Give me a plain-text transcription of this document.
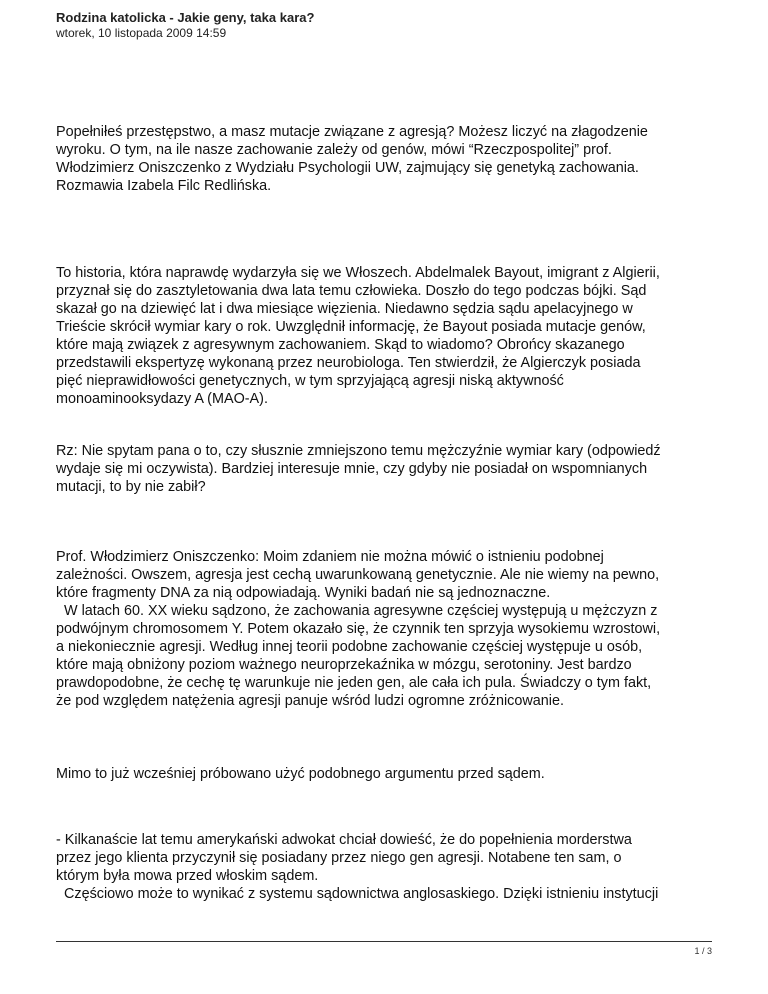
Rodzina katolicka - Jakie geny, taka kara?
wtorek, 10 listopada 2009 14:59

Popełniłeś przestępstwo, a masz mutacje związane z agresją? Możesz liczyć na złagodzenie
wyroku. O tym, na ile nasze zachowanie zależy od genów, mówi “Rzeczpospolitej” prof.
Włodzimierz Oniszczenko z Wydziału Psychologii UW, zajmujący się genetyką zachowania.
Rozmawia Izabela Filc Redlińska.

To historia, która naprawdę wydarzyła się we Włoszech. Abdelmalek Bayout, imigrant z Algierii,
przyznał się do zasztyletowania dwa lata temu człowieka. Doszło do tego podczas bójki. Sąd
skazał go na dziewięć lat i dwa miesiące więzienia. Niedawno sędzia sądu apelacyjnego w
Trieście skrócił wymiar kary o rok. Uwzględnił informację, że Bayout posiada mutacje genów,
które mają związek z agresywnym zachowaniem. Skąd to wiadomo? Obrońcy skazanego
przedstawili ekspertyzę wykonaną przez neurobiologa. Ten stwierdził, że Algierczyk posiada
pięć nieprawidłowości genetycznych, w tym sprzyjającą agresji niską aktywność
monoaminooksydazy A (MAO-A).

Rz: Nie spytam pana o to, czy słusznie zmniejszono temu mężczyźnie wymiar kary (odpowiedź
wydaje się mi oczywista). Bardziej interesuje mnie, czy gdyby nie posiadał on wspomnianych
mutacji, to by nie zabił?

Prof. Włodzimierz Oniszczenko: Moim zdaniem nie można mówić o istnieniu podobnej
zależności. Owszem, agresja jest cechą uwarunkowaną genetycznie. Ale nie wiemy na pewno,
które fragmenty DNA za nią odpowiadają. Wyniki badań nie są jednoznaczne.
W latach 60. XX wieku sądzono, że zachowania agresywne częściej występują u mężczyzn z
podwójnym chromosomem Y. Potem okazało się, że czynnik ten sprzyja wysokiemu wzrostowi,
a niekoniecznie agresji. Według innej teorii podobne zachowanie częściej występuje u osób,
które mają obniżony poziom ważnego neuroprzekaźnika w mózgu, serotoniny. Jest bardzo
prawdopodobne, że cechę tę warunkuje nie jeden gen, ale cała ich pula. Świadczy o tym fakt,
że pod względem natężenia agresji panuje wśród ludzi ogromne zróżnicowanie.

Mimo to już wcześniej próbowano użyć podobnego argumentu przed sądem.

- Kilkanaście lat temu amerykański adwokat chciał dowieść, że do popełnienia morderstwa
przez jego klienta przyczynił się posiadany przez niego gen agresji. Notabene ten sam, o
którym była mowa przed włoskim sądem.
Częściowo może to wynikać z systemu sądownictwa anglosaskiego. Dzięki istnieniu instytucji

1 / 3
